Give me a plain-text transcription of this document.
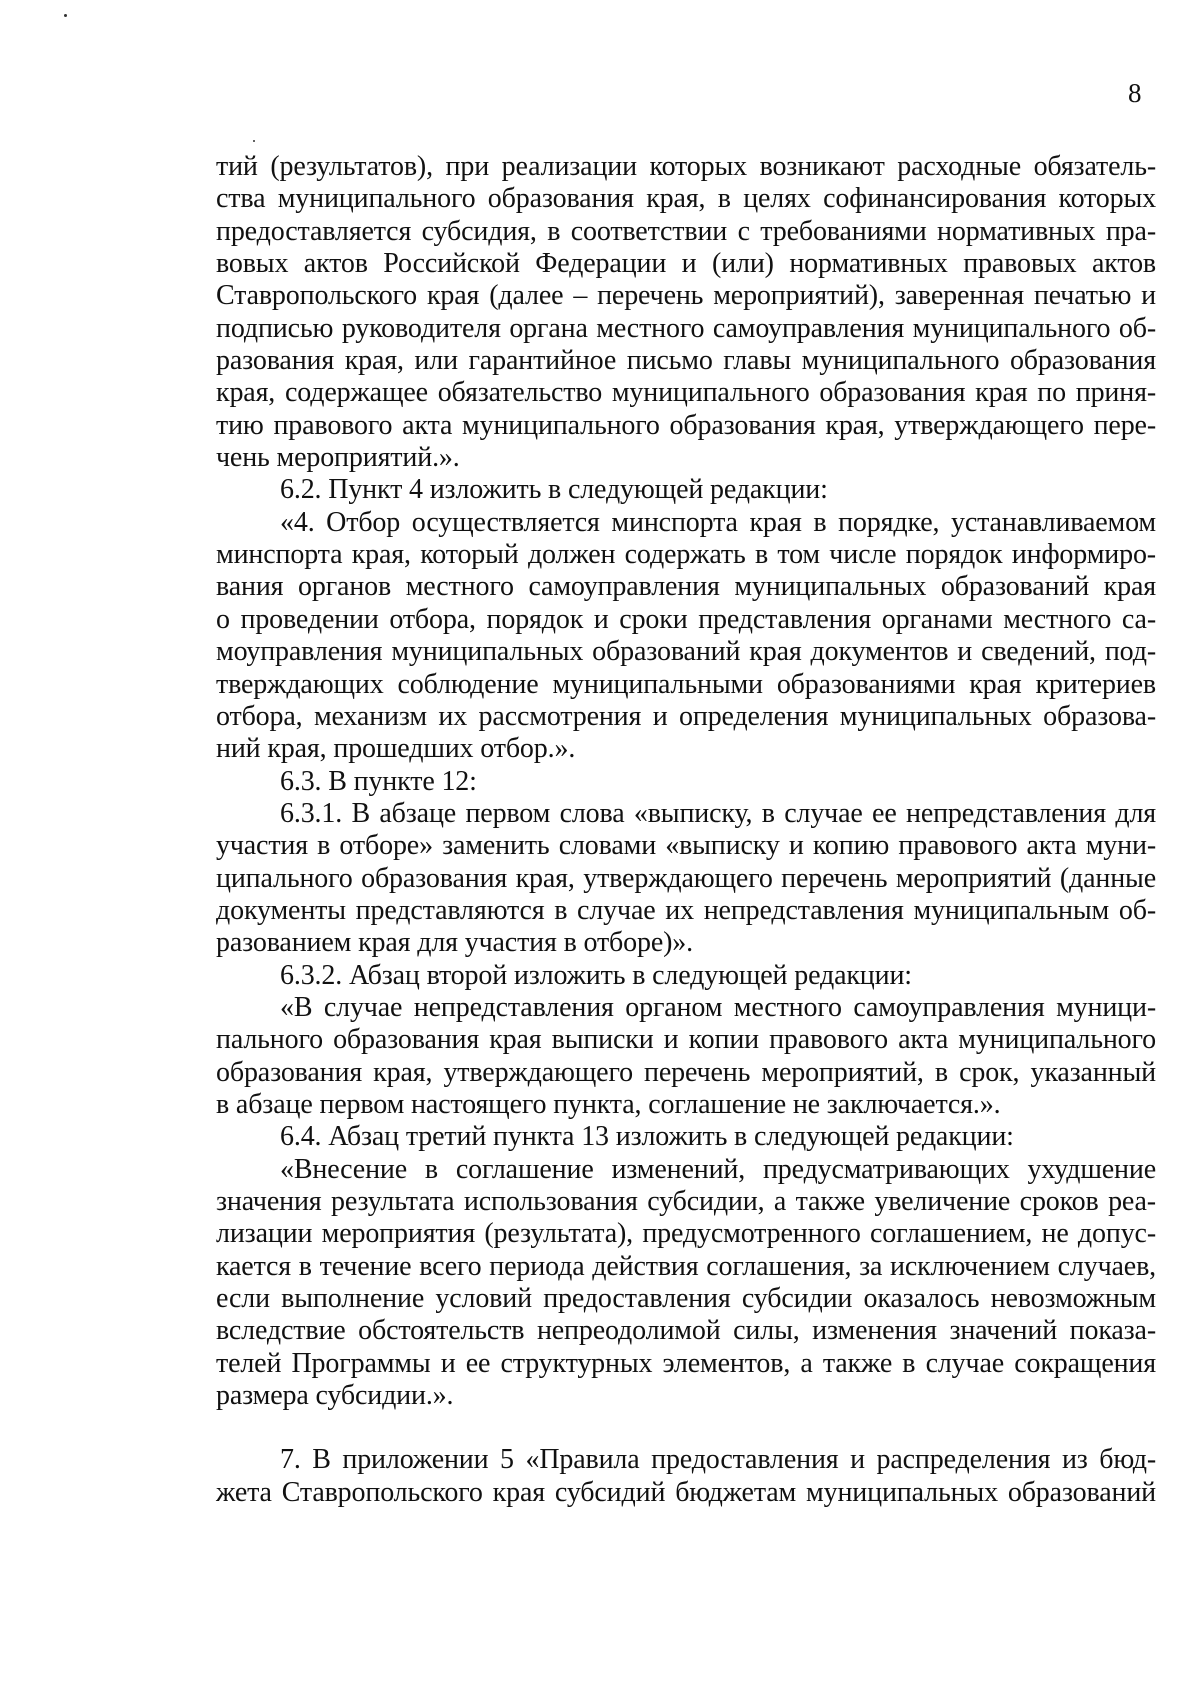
8
тий (результатов), при реализации которых возникают расходные обязатель-
ства муниципального образования края, в целях софинансирования которых
предоставляется субсидия, в соответствии с требованиями нормативных пра-
вовых актов Российской Федерации и (или) нормативных правовых актов
Ставропольского края (далее – перечень мероприятий), заверенная печатью и
подписью руководителя органа местного самоуправления муниципального об-
разования края, или гарантийное письмо главы муниципального образования
края, содержащее обязательство муниципального образования края по приня-
тию правового акта муниципального образования края, утверждающего пере-
чень мероприятий.».
6.2. Пункт 4 изложить в следующей редакции:
«4. Отбор осуществляется минспорта края в порядке, устанавливаемом
минспорта края, который должен содержать в том числе порядок информиро-
вания органов местного самоуправления муниципальных образований края
о проведении отбора, порядок и сроки представления органами местного са-
моуправления муниципальных образований края документов и сведений, под-
тверждающих соблюдение муниципальными образованиями края критериев
отбора, механизм их рассмотрения и определения муниципальных образова-
ний края, прошедших отбор.».
6.3. В пункте 12:
6.3.1. В абзаце первом слова «выписку, в случае ее непредставления для
участия в отборе» заменить словами «выписку и копию правового акта муни-
ципального образования края, утверждающего перечень мероприятий (данные
документы представляются в случае их непредставления муниципальным об-
разованием края для участия в отборе)».
6.3.2. Абзац второй изложить в следующей редакции:
«В случае непредставления органом местного самоуправления муници-
пального образования края выписки и копии правового акта муниципального
образования края, утверждающего перечень мероприятий, в срок, указанный
в абзаце первом настоящего пункта, соглашение не заключается.».
6.4. Абзац третий пункта 13 изложить в следующей редакции:
«Внесение в соглашение изменений, предусматривающих ухудшение
значения результата использования субсидии, а также увеличение сроков реа-
лизации мероприятия (результата), предусмотренного соглашением, не допус-
кается в течение всего периода действия соглашения, за исключением случаев,
если выполнение условий предоставления субсидии оказалось невозможным
вследствие обстоятельств непреодолимой силы, изменения значений показа-
телей Программы и ее структурных элементов, а также в случае сокращения
размера субсидии.».
7. В приложении 5 «Правила предоставления и распределения из бюд-
жета Ставропольского края субсидий бюджетам муниципальных образований
